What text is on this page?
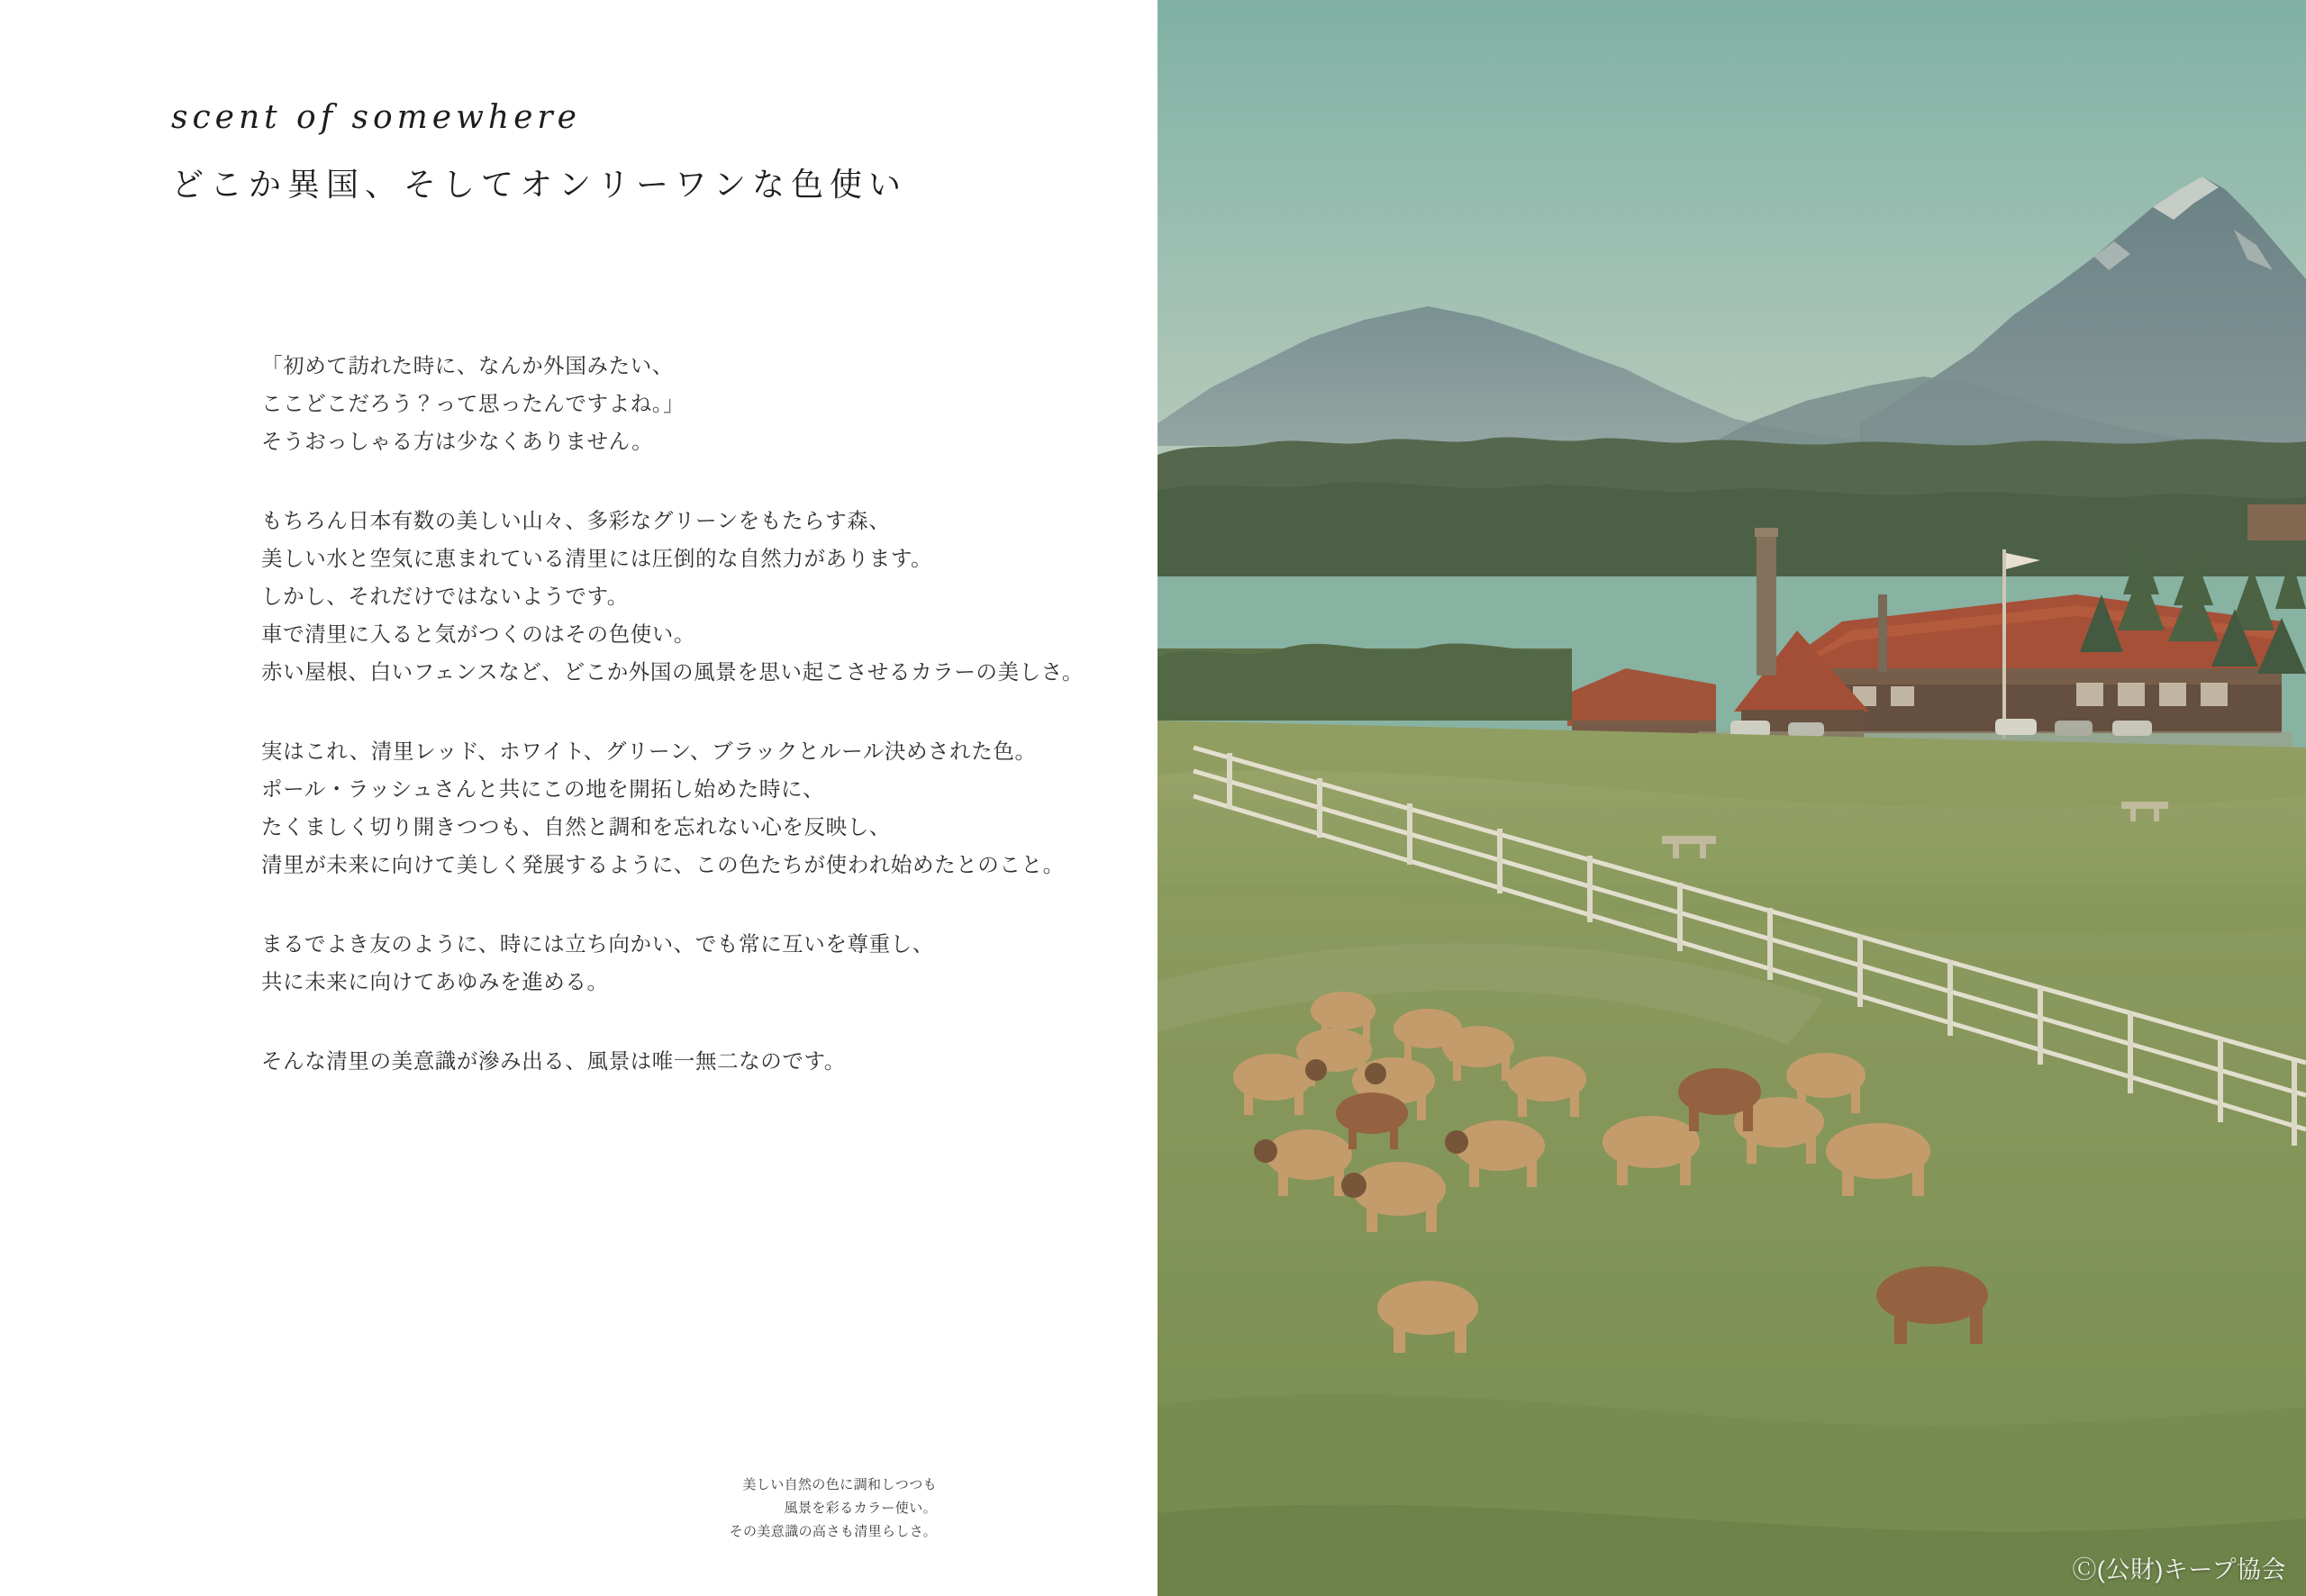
scent of somewhere
どこか異国、そしてオンリーワンな色使い
「初めて訪れた時に、なんか外国みたい、
ここどこだろう？って思ったんですよね。」
そうおっしゃる方は少なくありません。
もちろん日本有数の美しい山々、多彩なグリーンをもたらす森、
美しい水と空気に恵まれている清里には圧倒的な自然力があります。
しかし、それだけではないようです。
車で清里に入ると気がつくのはその色使い。
赤い屋根、白いフェンスなど、どこか外国の風景を思い起こさせるカラーの美しさ。
実はこれ、清里レッド、ホワイト、グリーン、ブラックとルール決めされた色。
ポール・ラッシュさんと共にこの地を開拓し始めた時に、
たくましく切り開きつつも、自然と調和を忘れない心を反映し、
清里が未来に向けて美しく発展するように、この色たちが使われ始めたとのこと。
まるでよき友のように、時には立ち向かい、でも常に互いを尊重し、
共に未来に向けてあゆみを進める。
そんな清里の美意識が滲み出る、風景は唯一無二なのです。
美しい自然の色に調和しつつも
風景を彩るカラー使い。
その美意識の高さも清里らしさ。
Ⓒ(公財)キープ協会
